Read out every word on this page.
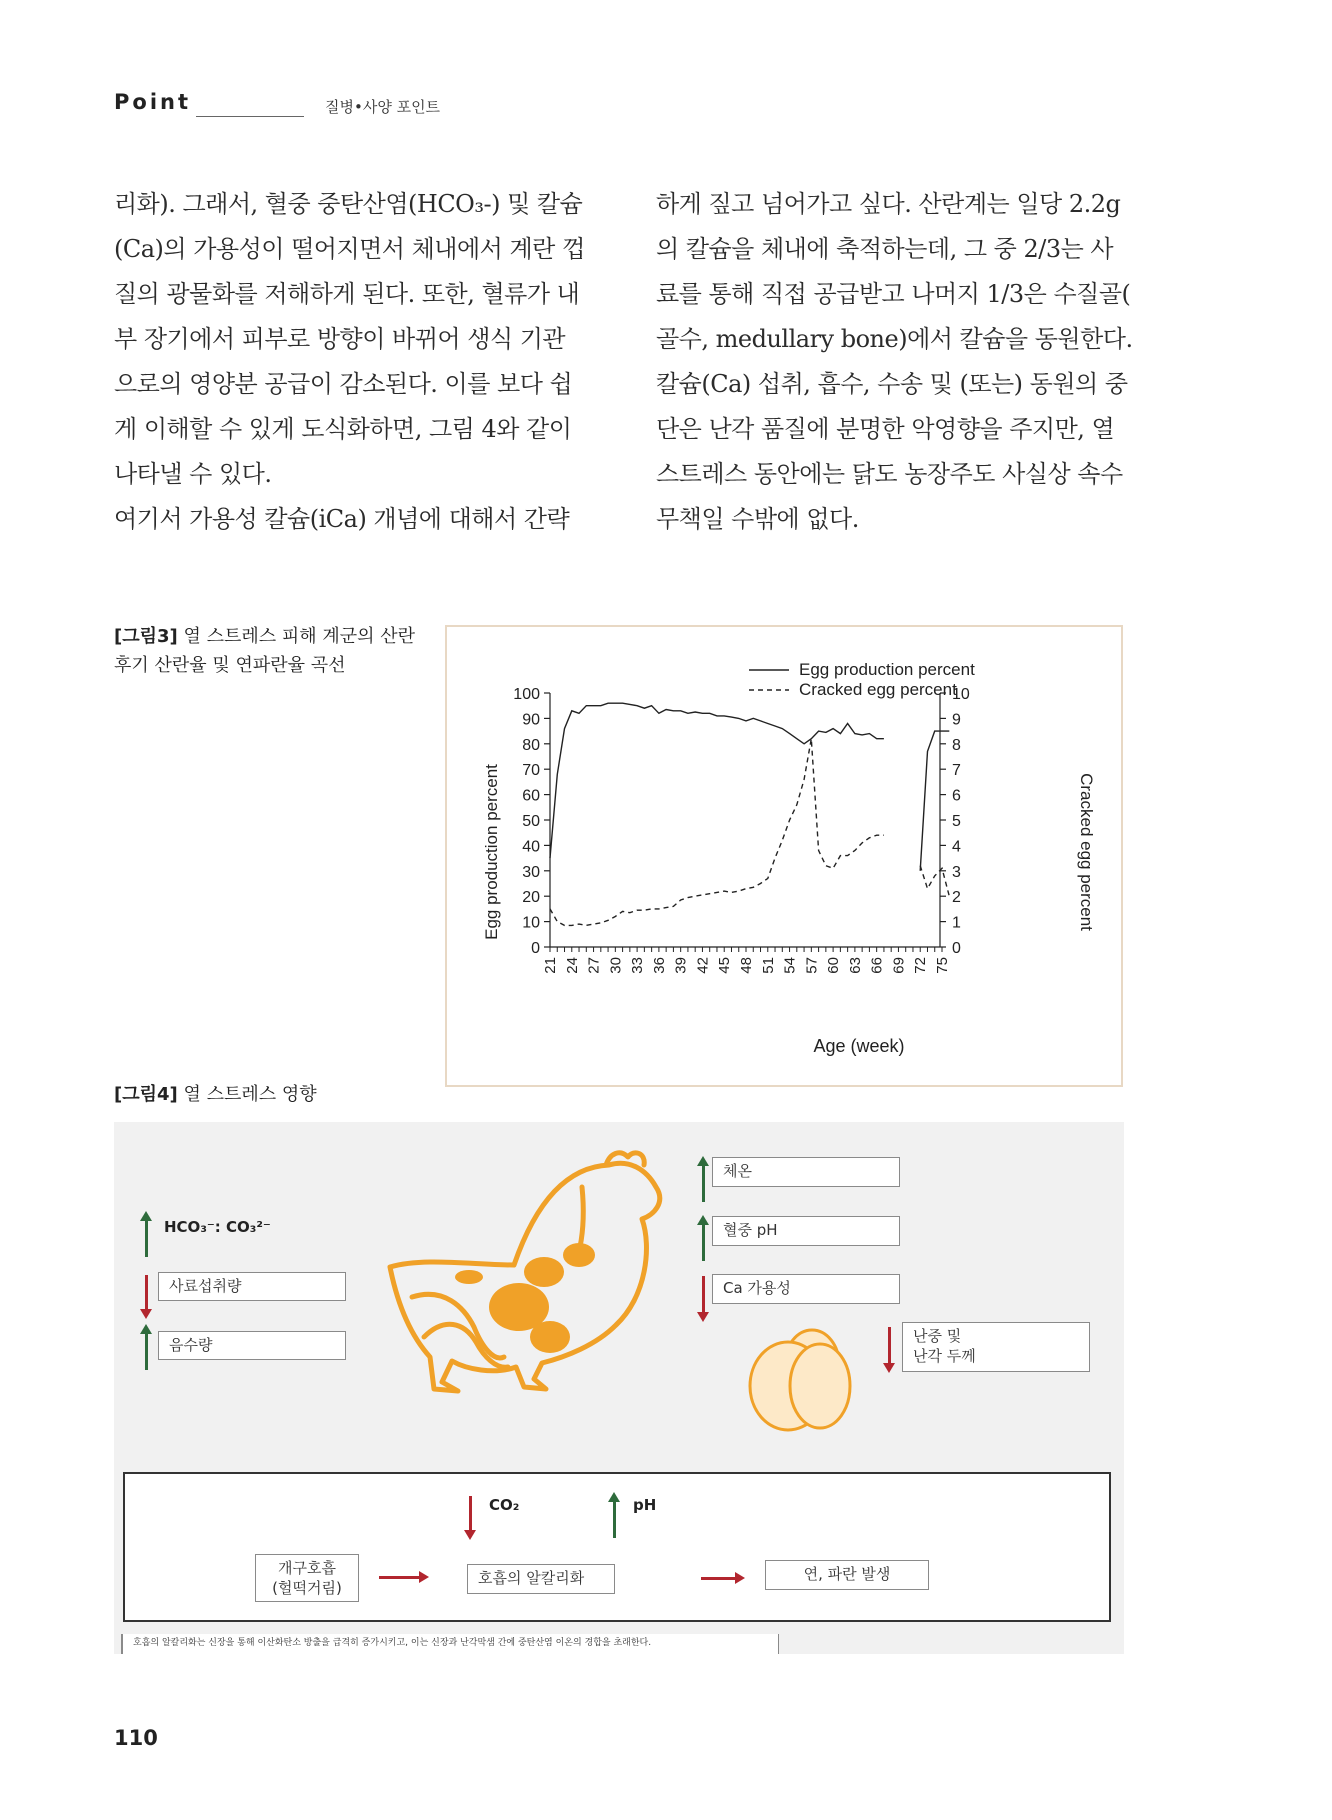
Point	질병•사양 포인트

리화). 그래서, 혈중 중탄산염(HCO₃-) 및 칼슘

(Ca)의 가용성이 떨어지면서 체내에서 계란 껍

질의 광물화를 저해하게 된다. 또한, 혈류가 내

부 장기에서 피부로 방향이 바뀌어 생식 기관

으로의 영양분 공급이 감소된다. 이를 보다 쉽

게 이해할 수 있게 도식화하면, 그림 4와 같이

나타낼 수 있다.

여기서 가용성 칼슘(iCa) 개념에 대해서 간략

하게 짚고 넘어가고 싶다. 산란계는 일당 2.2g

의 칼슘을 체내에 축적하는데, 그 중 2/3는 사

료를 통해 직접 공급받고 나머지 1/3은 수질골(

골수, medullary bone)에서 칼슘을 동원한다.

칼슘(Ca) 섭취, 흡수, 수송 및 (또는) 동원의 중

단은 난각 품질에 분명한 악영향을 주지만, 열

스트레스 동안에는 닭도 농장주도 사실상 속수

무책일 수밖에 없다.

[그림3] 열 스트레스 피해 계군의 산란
후기 산란율 및 연파란율 곡선	Egg production percent
Cracked egg percent
Age (week)
Egg production percent	Cracked egg percent
0
10
20
30
40
50
60
70
80
90
100
0
1
2
3
4
5
6
7
8
9
10
21 24 27 30 33 36 39 42 45 48 51 54 57 60 63 66 69 72 75
[그림4] 열 스트레스 영향
HCO₃⁻: CO₃²⁻
사료섭취량
음수량
체온
혈중 pH
Ca 가용성
난중 및
난각 두께
CO₂	pH
개구호흡
(헐떡거림)
호흡의 알칼리화	연, 파란 발생
호흡의 알칼리화는 신장을 통해 이산화탄소 방출을 급격히 증가시키고, 이는 신장과 난각막샘 간에 중탄산염 이온의 경합을 초래한다.
110
